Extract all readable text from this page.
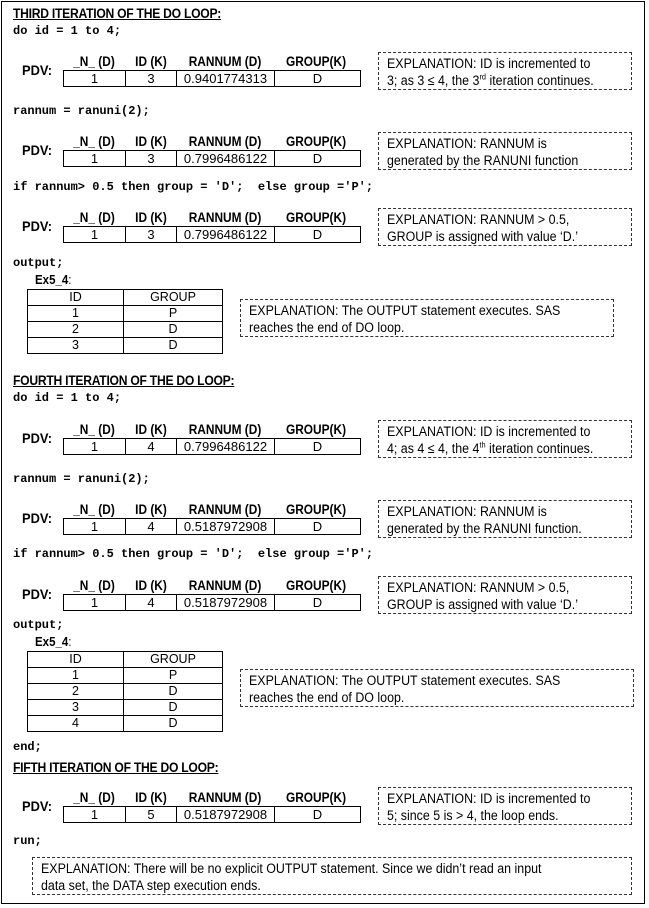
THIRD ITERATION OF THE DO LOOP:
do id = 1 to 4;
PDV:
_N_ (D)	ID (K)	RANNUM (D)	GROUP(K)
1	3	0.9401774313	D
EXPLANATION: ID is incremented to
3; as 3 ≤ 4, the 3rd iteration continues.
rannum = ranuni(2);
PDV:
_N_ (D)	ID (K)	RANNUM (D)	GROUP(K)
1	3	0.7996486122	D
EXPLANATION: RANNUM is
generated by the RANUNI function
if rannum> 0.5 then group = 'D';  else group ='P';
PDV:
_N_ (D)	ID (K)	RANNUM (D)	GROUP(K)
1	3	0.7996486122	D
EXPLANATION: RANNUM > 0.5,
GROUP is assigned with value ‘D.’
output;
Ex5_4:
ID	GROUP
1	P
2	D
3	D
EXPLANATION: The OUTPUT statement executes. SAS
reaches the end of DO loop.
FOURTH ITERATION OF THE DO LOOP:
do id = 1 to 4;
PDV:
_N_ (D)	ID (K)	RANNUM (D)	GROUP(K)
1	4	0.7996486122	D
EXPLANATION: ID is incremented to
4; as 4 ≤ 4, the 4th iteration continues.
rannum = ranuni(2);
PDV:
_N_ (D)	ID (K)	RANNUM (D)	GROUP(K)
1	4	0.5187972908	D
EXPLANATION: RANNUM is
generated by the RANUNI function.
if rannum> 0.5 then group = 'D';  else group ='P';
PDV:
_N_ (D)	ID (K)	RANNUM (D)	GROUP(K)
1	4	0.5187972908	D
EXPLANATION: RANNUM > 0.5,
GROUP is assigned with value ‘D.’
output;
Ex5_4:
ID	GROUP
1	P
2	D
3	D
4	D
EXPLANATION: The OUTPUT statement executes. SAS
reaches the end of DO loop.
end;
FIFTH ITERATION OF THE DO LOOP:
PDV:
_N_ (D)	ID (K)	RANNUM (D)	GROUP(K)
1	5	0.5187972908	D
EXPLANATION: ID is incremented to
5; since 5 is > 4, the loop ends.
run;
EXPLANATION: There will be no explicit OUTPUT statement. Since we didn’t read an input
data set, the DATA step execution ends.
